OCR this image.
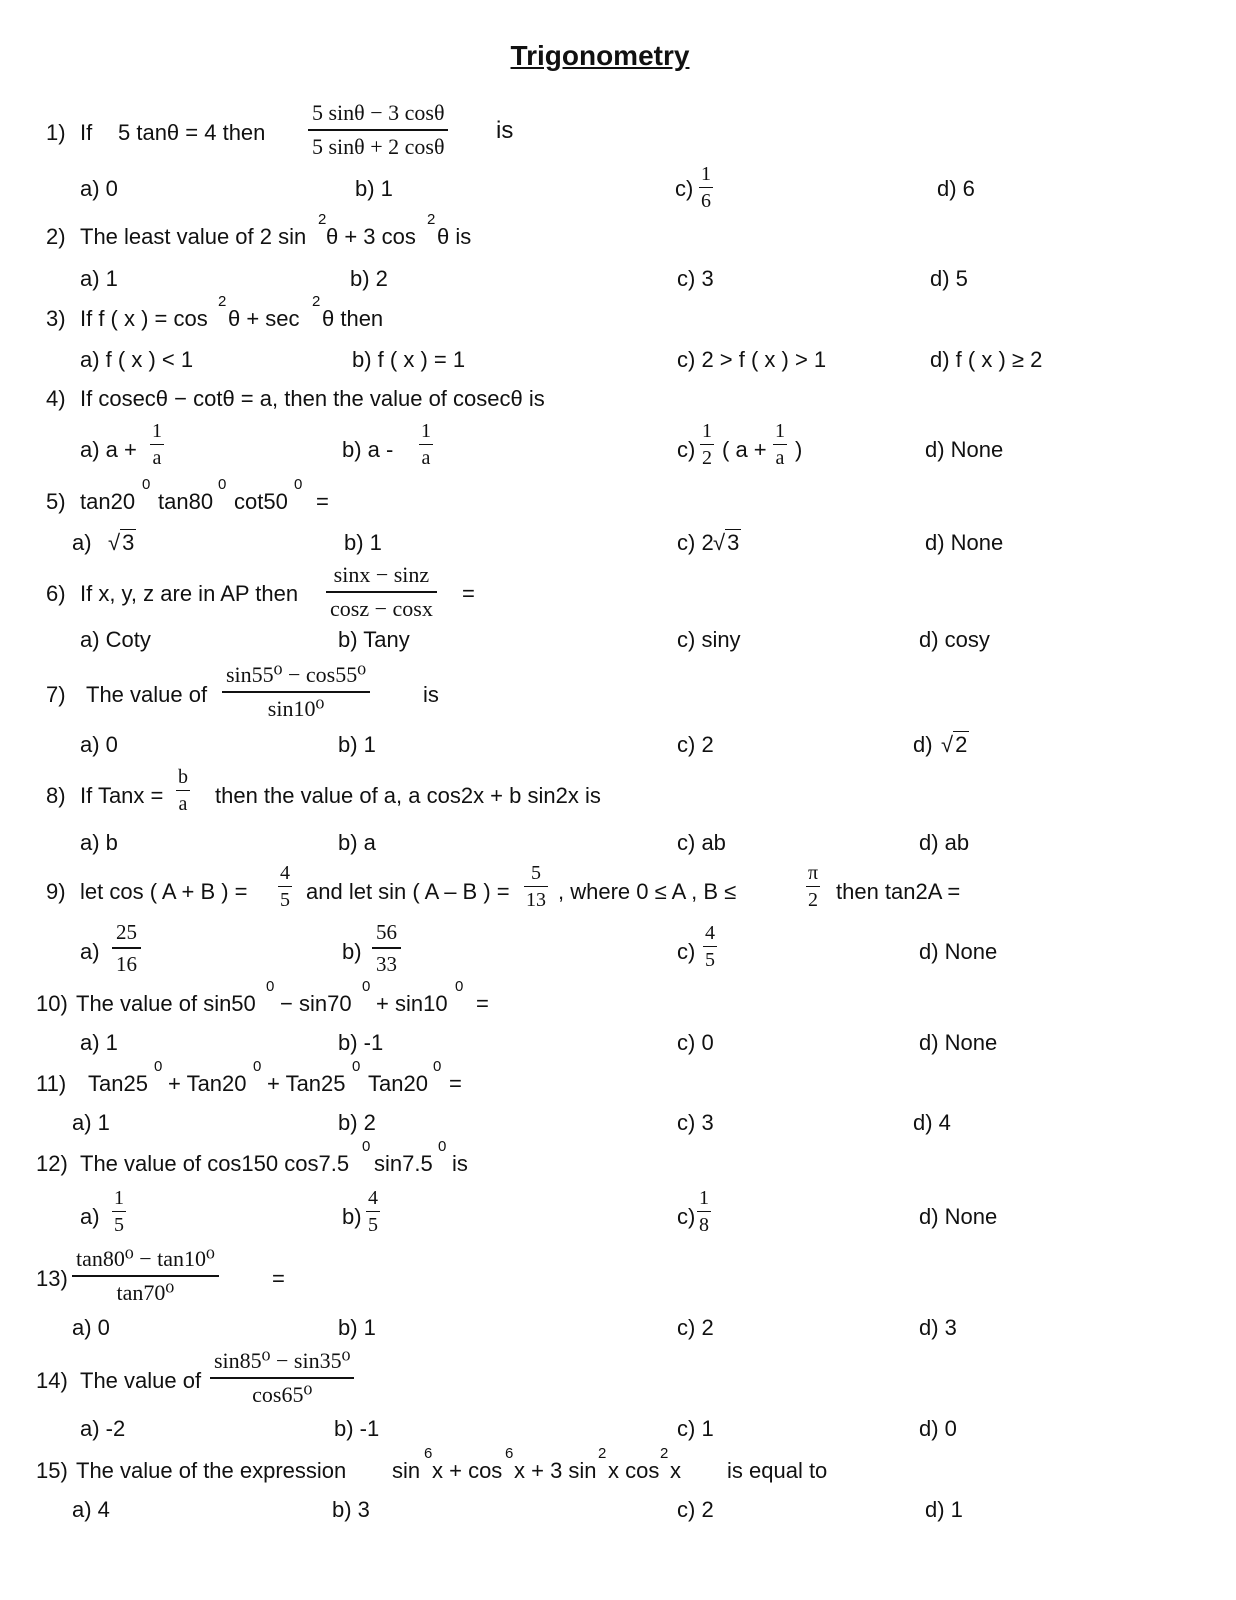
Trigonometry
1) If 5 tanθ = 4 then $\frac{5 \sin\theta - 3 \cos\theta}{5 \sin\theta + 2 \cos\theta}$ is
a) 0	b) 1	$c) \frac{1}{6}$	d) 6
2) The least value of 2 sin
2
θ + 3 cos
2
θ is
a) 1	b) 2	c) 3	d) 5
3) If f ( x ) = cos
2
θ + sec
2
θ then
a) f ( x ) < 1	b) f ( x ) = 1	c) 2 > f ( x ) > 1	d) f ( x ) ≥ 2
4) If cosecθ − cotθ = a, then the value of cosecθ is
a) $a + \frac{1}{a}$	b) a - $\frac{1}{a}$	$c) \frac{1}{2}$ ( $a + \frac{1}{a}$ )	d) None
5) tan20
0
tan80
0
cot50
0
=
a) √3	b) 1	c) 2 √3	d) None
6) If x, y, z are in AP then $\frac{\sin x - \sin z}{\cos z - \cos x}$ =
a) Coty	b) Tany	c) siny	d) cosy
7) The value of $\frac{\text{sin55⁰ − cos55⁰}}{\text{sin10⁰}}$ is
a) 0	b) 1	c) 2	d) √2
8) If Tanx = $\frac{b}{a}$ then the value of a, a cos2x + b sin2x is
a) b	b) a	c) ab	d) ab
9) let cos ( A + B ) = $\frac{4}{5}$ and let sin ( A – B ) = $\frac{5}{13}$ , where 0 ≤ A , B ≤	$\frac{\pi}{2}$ then tan2A =
$a) \frac{25}{16}$	$b) \frac{56}{33}$	$c) \frac{4}{5}$	d) None
10) The value of sin50
0
− sin70
0
+ sin10
0
=
a) 1	b) -1	c) 0	d) None
11) Tan25
0
+ Tan20
0
+ Tan25
0
Tan20
0
=
a) 1	b) 2	c) 3	d) 4
12) The value of cos150 cos7.5
0
sin7.5
0
is
$a) \frac{1}{5}$	$b) \frac{4}{5}$	$c) \frac{1}{8}$	d) None
$13) \frac{\text{tan80⁰ − tan10⁰}}{\text{tan70⁰}}$ =
a) 0	b) 1	c) 2	d) 3
14) The value of $\frac{\text{sin85⁰ − sin35⁰}}{\text{cos65⁰}}$
a) -2	b) -1	c) 1	d) 0
15) The value of the expression sin
6
x + cos
6
x + 3 sin
2
x cos
2
x is equal to
a) 4	b) 3	c) 2	d) 1
